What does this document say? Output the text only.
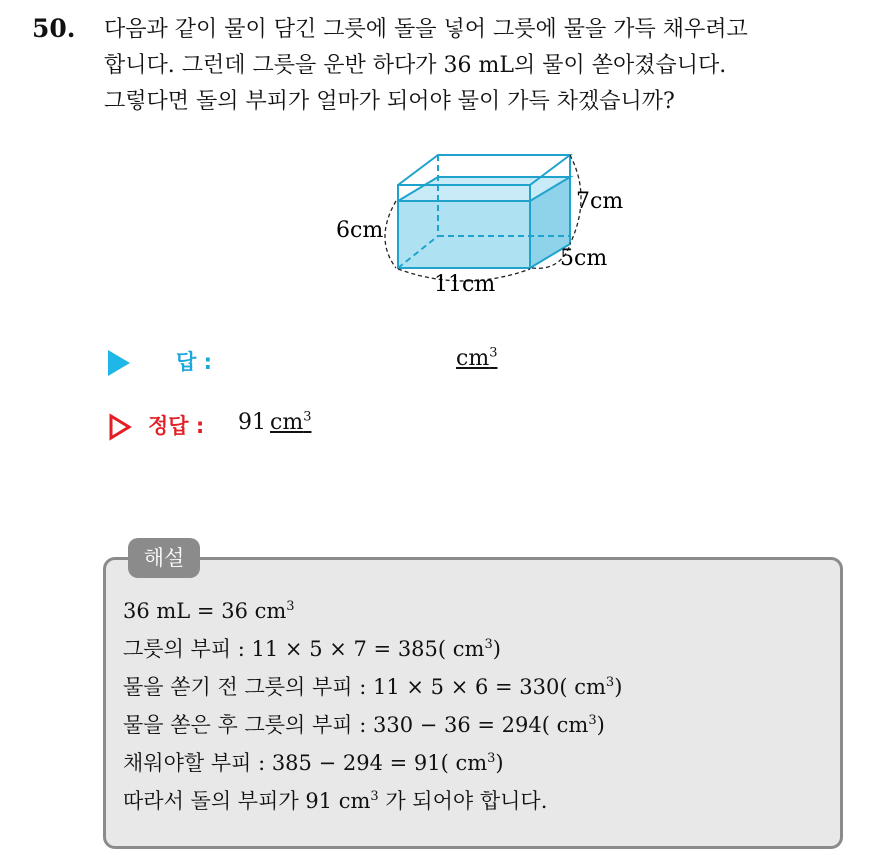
50. 다음과 같이 물이 담긴 그릇에 돌을 넣어 그릇에 물을 가득 채우려고
합니다. 그런데 그릇을 운반 하다가 36 mL의 물이 쏟아졌습니다.
그렇다면 돌의 부피가 얼마가 되어야 물이 가득 차겠습니까?
6cm
7cm
5cm
11cm
답 :	$cm^3$
정답 : 91 $cm^3$
해설
36 mL = 36 $cm^3$
그릇의 부피 : 11 × 5 × 7 = 385( $cm^3$)
물을 쏟기 전 그릇의 부피 : 11 × 5 × 6 = 330( $cm^3$)
물을 쏟은 후 그릇의 부피 : 330 − 36 = 294( $cm^3$)
채워야할 부피 : 385 − 294 = 91( $cm^3$)
따라서 돌의 부피가 91 $cm^3$ 가 되어야 합니다.
